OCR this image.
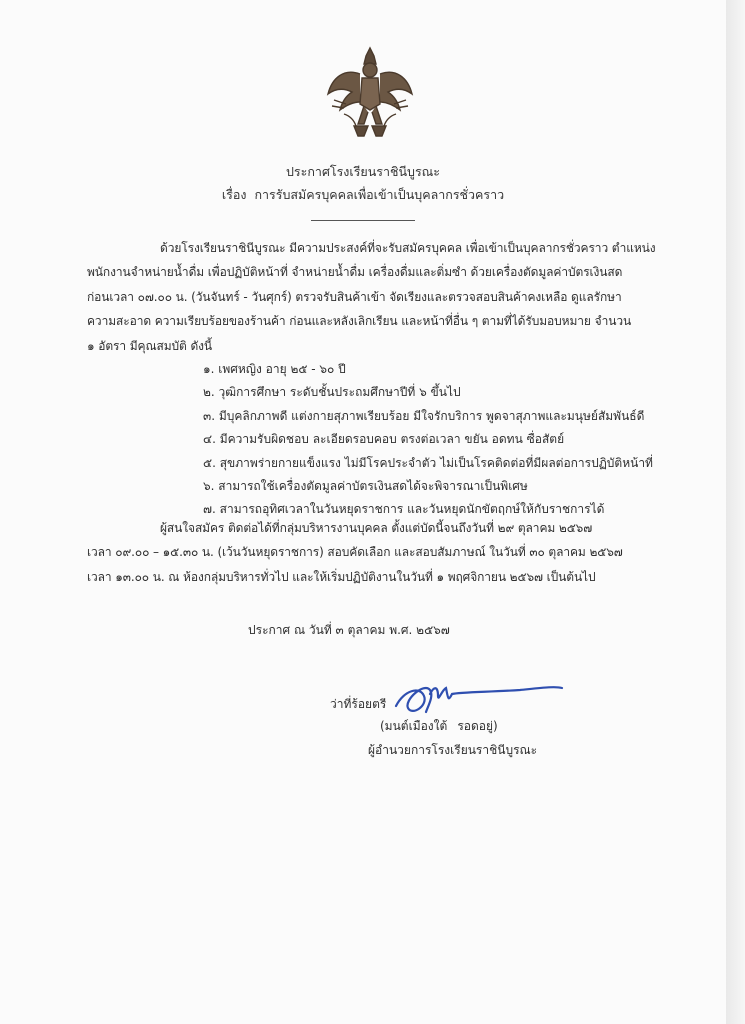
ประกาศโรงเรียนราชินีบูรณะ
เรื่อง การรับสมัครบุคคลเพื่อเข้าเป็นบุคลากรชั่วคราว
ด้วยโรงเรียนราชินีบูรณะ มีความประสงค์ที่จะรับสมัครบุคคล เพื่อเข้าเป็นบุคลากรชั่วคราว ตำแหน่ง
พนักงานจำหน่ายน้ำดื่ม เพื่อปฏิบัติหน้าที่ จำหน่ายน้ำดื่ม เครื่องดื่มและติ่มซำ ด้วยเครื่องตัดมูลค่าบัตรเงินสด
ก่อนเวลา ๐๗.๐๐ น. (วันจันทร์ - วันศุกร์) ตรวจรับสินค้าเข้า จัดเรียงและตรวจสอบสินค้าคงเหลือ ดูแลรักษา
ความสะอาด ความเรียบร้อยของร้านค้า ก่อนและหลังเลิกเรียน และหน้าที่อื่น ๆ ตามที่ได้รับมอบหมาย จำนวน
๑ อัตรา มีคุณสมบัติ ดังนี้
๑. เพศหญิง อายุ ๒๕ - ๖๐ ปี
๒. วุฒิการศึกษา ระดับชั้นประถมศึกษาปีที่ ๖ ขึ้นไป
๓. มีบุคลิกภาพดี แต่งกายสุภาพเรียบร้อย มีใจรักบริการ พูดจาสุภาพและมนุษย์สัมพันธ์ดี
๔. มีความรับผิดชอบ ละเอียดรอบคอบ ตรงต่อเวลา ขยัน อดทน ซื่อสัตย์
๕. สุขภาพร่ายกายแข็งแรง ไม่มีโรคประจำตัว ไม่เป็นโรคติดต่อที่มีผลต่อการปฏิบัติหน้าที่
๖. สามารถใช้เครื่องตัดมูลค่าบัตรเงินสดได้จะพิจารณาเป็นพิเศษ
๗. สามารถอุทิศเวลาในวันหยุดราชการ และวันหยุดนักขัตฤกษ์ให้กับราชการได้
ผู้สนใจสมัคร ติดต่อได้ที่กลุ่มบริหารงานบุคคล ตั้งแต่บัดนี้จนถึงวันที่ ๒๙ ตุลาคม ๒๕๖๗
เวลา ๐๙.๐๐ – ๑๕.๓๐ น. (เว้นวันหยุดราชการ) สอบคัดเลือก และสอบสัมภาษณ์ ในวันที่ ๓๐ ตุลาคม ๒๕๖๗
เวลา ๑๓.๐๐ น. ณ ห้องกลุ่มบริหารทั่วไป และให้เริ่มปฏิบัติงานในวันที่ ๑ พฤศจิกายน ๒๕๖๗ เป็นต้นไป
ประกาศ ณ วันที่ ๓ ตุลาคม พ.ศ. ๒๕๖๗
ว่าที่ร้อยตรี
(มนต์เมืองใต้ รอดอยู่)
ผู้อำนวยการโรงเรียนราชินีบูรณะ
